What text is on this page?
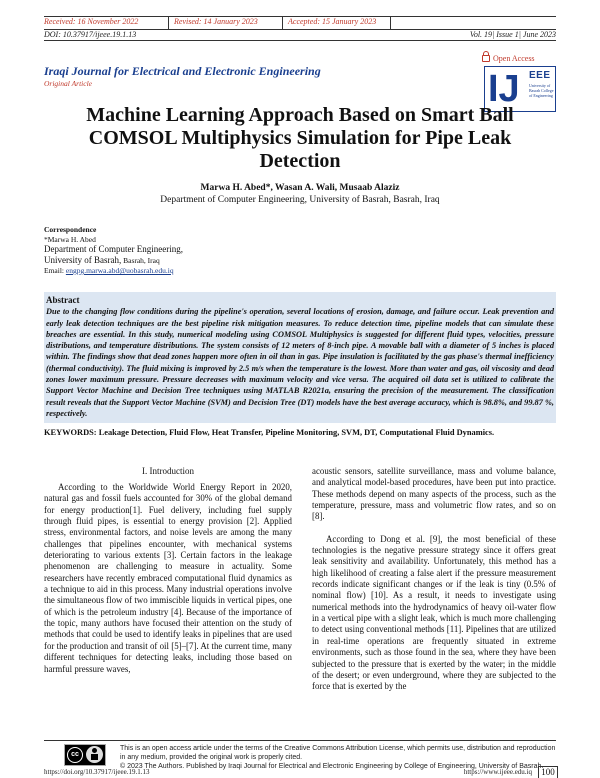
Received: 16 November 2022	Revised: 14 January 2023	Accepted: 15 January 2023
DOI: 10.37917/ijeee.19.1.13	Vol. 19| Issue 1| June 2023
Open Access
IJ EEE
University of Basrah College of Engineering
Iraqi Journal for Electrical and Electronic Engineering
Original Article
Machine Learning Approach Based on Smart Ball COMSOL Multiphysics Simulation for Pipe Leak Detection
Marwa H. Abed*, Wasan A. Wali, Musaab Alaziz
Department of Computer Engineering, University of Basrah, Basrah, Iraq
Correspondence
*Marwa H. Abed
Department of Computer Engineering,
University of Basrah, Basrah, Iraq
Email: engpg.marwa.abd@uobasrah.edu.iq
Abstract
Due to the changing flow conditions during the pipeline's operation, several locations of erosion, damage, and failure occur. Leak prevention and early leak detection techniques are the best pipeline risk mitigation measures. To reduce detection time, pipeline models that can simulate these breaches are essential. In this study, numerical modeling using COMSOL Multiphysics is suggested for different fluid types, velocities, pressure distributions, and temperature distributions. The system consists of 12 meters of 8-inch pipe. A movable ball with a diameter of 5 inches is placed within. The findings show that dead zones happen more often in oil than in gas. Pipe insulation is facilitated by the gas phase's thermal inefficiency (thermal conductivity). The fluid mixing is improved by 2.5 m/s when the temperature is the lowest. More than water and gas, oil viscosity and dead zones lower maximum pressure. Pressure decreases with maximum velocity and vice versa. The acquired oil data set is utilized to calibrate the Support Vector Machine and Decision Tree techniques using MATLAB R2021a, ensuring the precision of the measurement. The classification result reveals that the Support Vector Machine (SVM) and Decision Tree (DT) models have the best average accuracy, which is 98.8%, and 99.87 %, respectively.
KEYWORDS: Leakage Detection, Fluid Flow, Heat Transfer, Pipeline Monitoring, SVM, DT, Computational Fluid Dynamics.
I. Introduction

According to the Worldwide World Energy Report in 2020, natural gas and fossil fuels accounted for 30% of the global demand for energy production[1]. Fuel delivery, including fuel supply through fluid pipes, is essential to energy provision [2]. Applied stress, environmental factors, and noise levels are among the many challenges that pipelines encounter, with mechanical systems deteriorating to various extents [3]. Certain factors in the leakage phenomenon are challenging to measure in actuality. Some researchers have recently embraced computational fluid dynamics as a technique to aid in this process. Many industrial operations involve the simultaneous flow of two immiscible liquids in vertical pipes, one of which is the petroleum industry [4]. Because of the importance of the topic, many authors have focused their attention on the study of methods that could be used to identify leaks in pipelines that are used for the production and transit of oil [5]–[7]. At the current time, many different techniques for detecting leaks, including those based on harmful pressure waves,

acoustic sensors, satellite surveillance, mass and volume balance, and analytical model-based procedures, have been put into practice. These methods depend on many aspects of the process, such as the temperature, pressure, mass and volumetric flow rates, and so on [8].

According to Dong et al. [9], the most beneficial of these technologies is the negative pressure strategy since it offers great leak sensitivity and availability. Unfortunately, this method has a high likelihood of creating a false alert if the pressure measurement records indicate significant changes or if the leak is tiny (0.5% of nominal flow) [10]. As a result, it needs to investigate using numerical methods into the hydrodynamics of heavy oil-water flow in a vertical pipe with a slight leak, which is much more challenging to detect using conventional methods [11]. Pipelines that are utilized in real-time operations are frequently situated in extreme environments, such as those found in the sea, where they have been subjected to the pressure that is exerted by the water; in the middle of the desert; or even underground, where they are subjected to the force that is exerted by the

cc
This is an open access article under the terms of the Creative Commons Attribution License, which permits use, distribution and reproduction in any medium, provided the original work is properly cited.
© 2023 The Authors. Published by Iraqi Journal for Electrical and Electronic Engineering by College of Engineering, University of Basrah.
https://doi.org/10.37917/ijeee.19.1.13	https://www.ijeee.edu.iq	100
